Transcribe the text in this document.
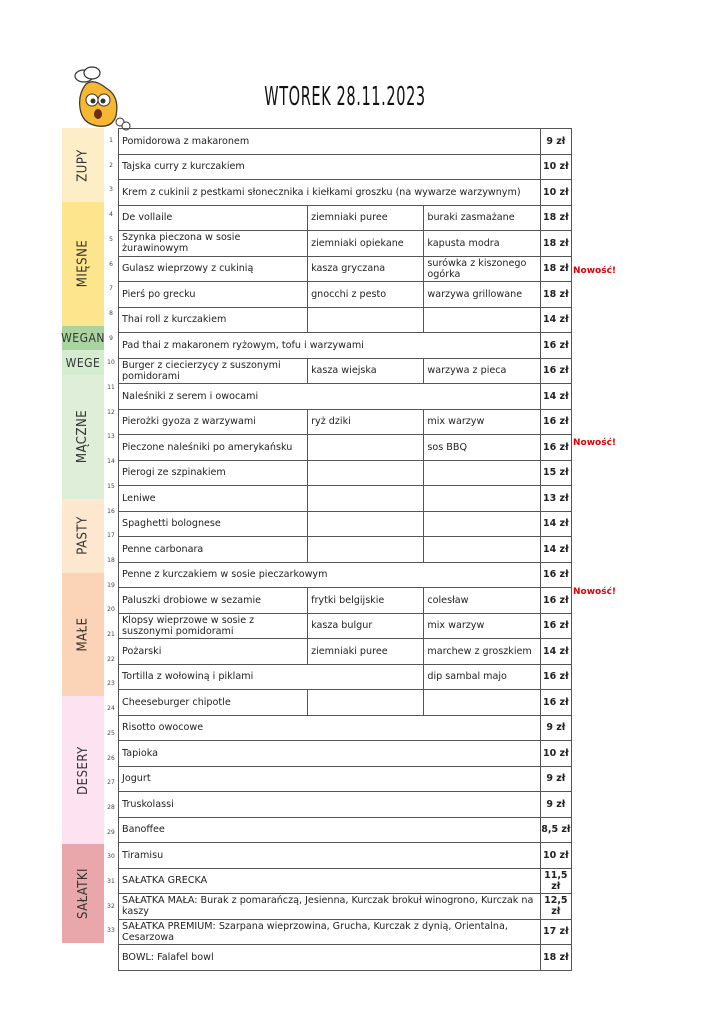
WTOREK 28.11.2023
ZUPY
MIĘSNE
WEGAN
WEGE
MĄCZNE
PASTY
MAŁE
DESERY
SAŁATKI
1
2
3
4
5
6
7
8
9
10
11
12
13
14
15
16
17
18
19
20
21
22
23
24
25
26
27
28
29
30
31
32
33
Nowość!
Nowość!
Nowość!
Pomidorowa z makaronem			9 zł
Tajska curry z kurczakiem			10 zł
Krem z cukinii z pestkami słonecznika i kiełkami groszku (na wywarze warzywnym)			10 zł
De vollaile	ziemniaki puree	buraki zasmażane	18 zł
Szynka pieczona w sosie żurawinowym	ziemniaki opiekane	kapusta modra	18 zł
Gulasz wieprzowy z cukinią	kasza gryczana	surówka z kiszonego ogórka	18 zł
Pierś po grecku	gnocchi z pesto	warzywa grillowane	18 zł
Thai roll z kurczakiem			14 zł
Pad thai z makaronem ryżowym, tofu i warzywami			16 zł
Burger z ciecierzycy z suszonymi pomidorami	kasza wiejska	warzywa z pieca	16 zł
Naleśniki z serem i owocami			14 zł
Pierożki gyoza z warzywami	ryż dziki	mix warzyw	16 zł
Pieczone naleśniki po amerykańsku		sos BBQ	16 zł
Pierogi ze szpinakiem			15 zł
Leniwe			13 zł
Spaghetti bolognese			14 zł
Penne carbonara			14 zł
Penne z kurczakiem w sosie pieczarkowym			16 zł
Paluszki drobiowe w sezamie	frytki belgijskie	colesław	16 zł
Klopsy wieprzowe w sosie z suszonymi pomidorami	kasza bulgur	mix warzyw	16 zł
Pożarski	ziemniaki puree	marchew z groszkiem	14 zł
Tortilla z wołowiną i piklami		dip sambal majo	16 zł
Cheeseburger chipotle			16 zł
Risotto owocowe			9 zł
Tapioka			10 zł
Jogurt			9 zł
Truskolassi			9 zł
Banoffee			8,5 zł
Tiramisu			10 zł
SAŁATKA GRECKA			11,5 zł
SAŁATKA MAŁA: Burak z pomarańczą, Jesienna, Kurczak brokuł winogrono, Kurczak na kaszy			12,5 zł
SAŁATKA PREMIUM: Szarpana wieprzowina, Grucha, Kurczak z dynią, Orientalna, Cesarzowa			17 zł
BOWL: Falafel bowl			18 zł
